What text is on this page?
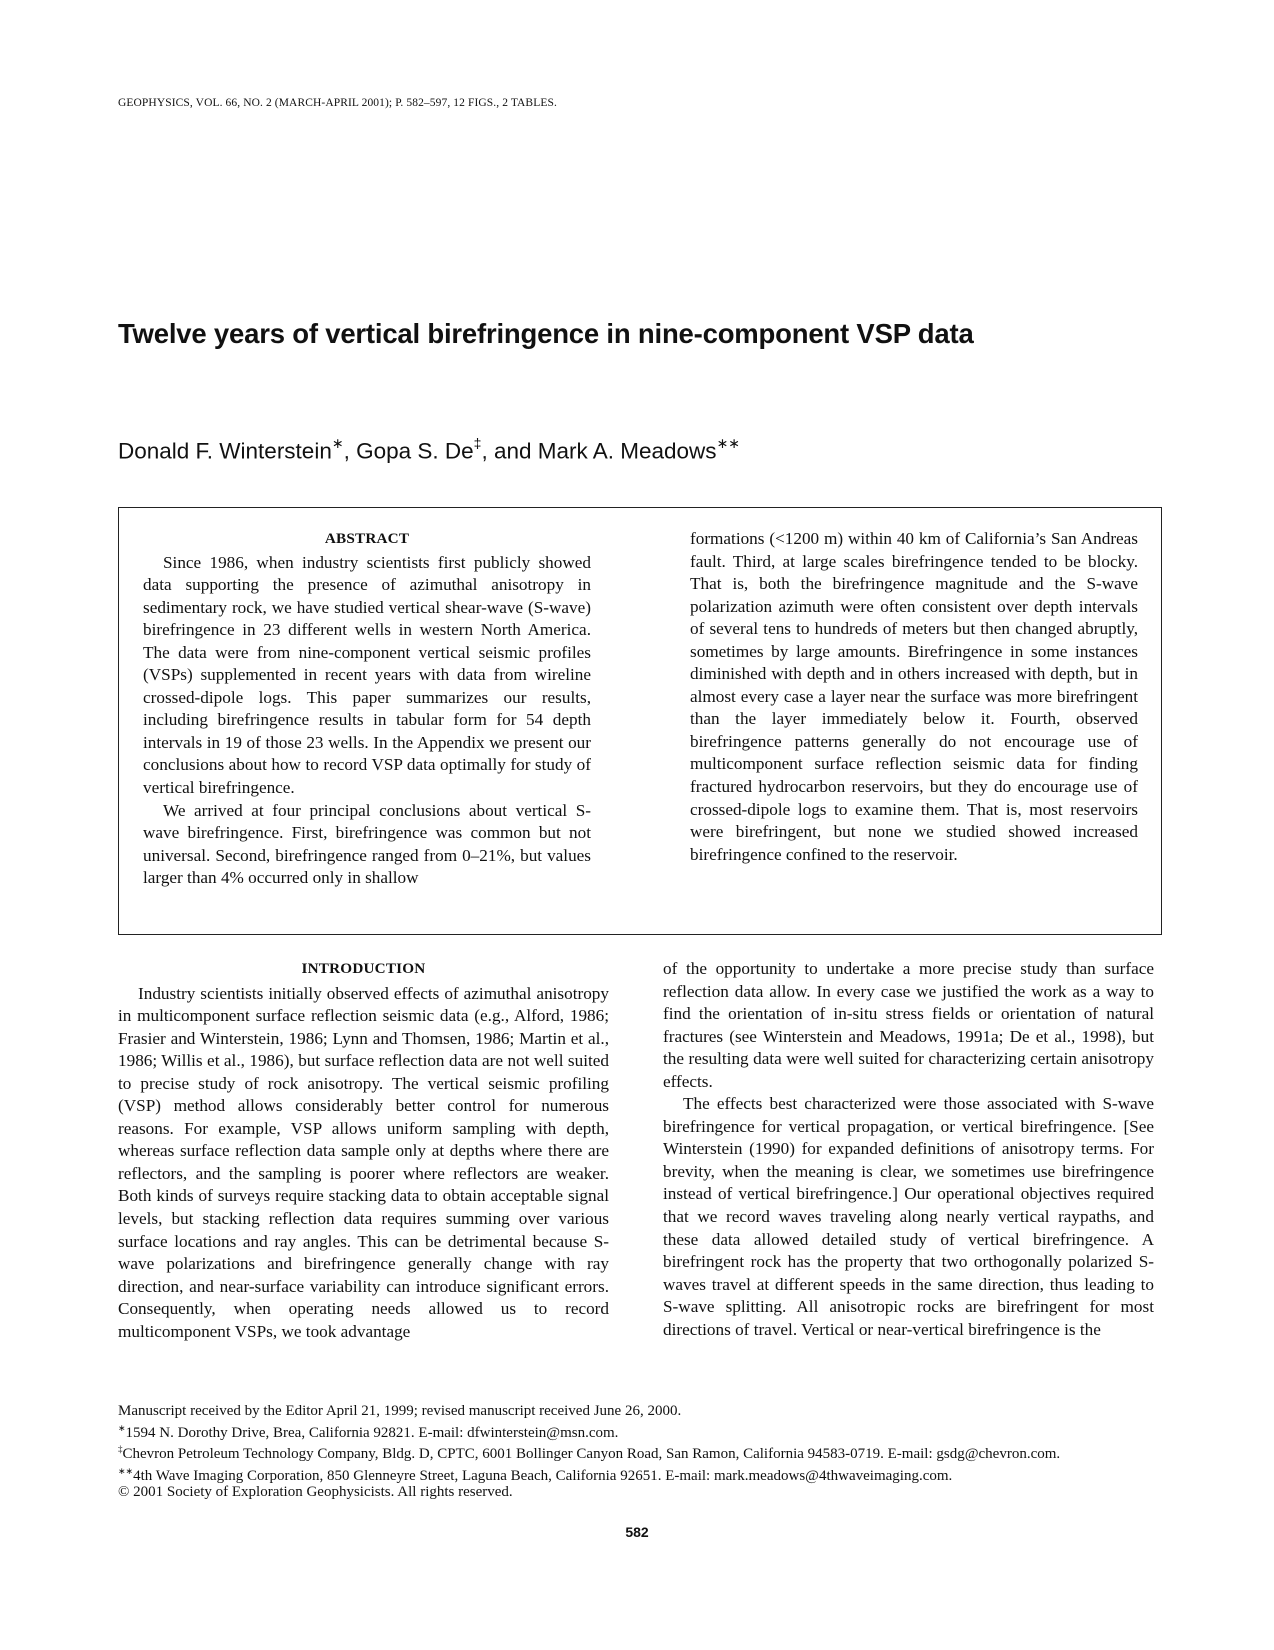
GEOPHYSICS, VOL. 66, NO. 2 (MARCH-APRIL 2001); P. 582–597, 12 FIGS., 2 TABLES.
Twelve years of vertical birefringence in nine-component VSP data
Donald F. Winterstein∗, Gopa S. De‡, and Mark A. Meadows∗∗
ABSTRACT

Since 1986, when industry scientists first publicly showed data supporting the presence of azimuthal anisotropy in sedimentary rock, we have studied vertical shear-wave (S-wave) birefringence in 23 different wells in western North America. The data were from nine-component vertical seismic profiles (VSPs) supplemented in recent years with data from wireline crossed-dipole logs. This paper summarizes our results, including birefringence results in tabular form for 54 depth intervals in 19 of those 23 wells. In the Appendix we present our conclusions about how to record VSP data optimally for study of vertical birefringence.

We arrived at four principal conclusions about vertical S-wave birefringence. First, birefringence was common but not universal. Second, birefringence ranged from 0–21%, but values larger than 4% occurred only in shallow

formations (<1200 m) within 40 km of California’s San Andreas fault. Third, at large scales birefringence tended to be blocky. That is, both the birefringence magnitude and the S-wave polarization azimuth were often consistent over depth intervals of several tens to hundreds of meters but then changed abruptly, sometimes by large amounts. Birefringence in some instances diminished with depth and in others increased with depth, but in almost every case a layer near the surface was more birefringent than the layer immediately below it. Fourth, observed birefringence patterns generally do not encourage use of multicomponent surface reflection seismic data for finding fractured hydrocarbon reservoirs, but they do encourage use of crossed-dipole logs to examine them. That is, most reservoirs were birefringent, but none we studied showed increased birefringence confined to the reservoir.

INTRODUCTION

Industry scientists initially observed effects of azimuthal anisotropy in multicomponent surface reflection seismic data (e.g., Alford, 1986; Frasier and Winterstein, 1986; Lynn and Thomsen, 1986; Martin et al., 1986; Willis et al., 1986), but surface reflection data are not well suited to precise study of rock anisotropy. The vertical seismic profiling (VSP) method allows considerably better control for numerous reasons. For example, VSP allows uniform sampling with depth, whereas surface reflection data sample only at depths where there are reflectors, and the sampling is poorer where reflectors are weaker. Both kinds of surveys require stacking data to obtain acceptable signal levels, but stacking reflection data requires summing over various surface locations and ray angles. This can be detrimental because S-wave polarizations and birefringence generally change with ray direction, and near-surface variability can introduce significant errors. Consequently, when operating needs allowed us to record multicomponent VSPs, we took advantage

of the opportunity to undertake a more precise study than surface reflection data allow. In every case we justified the work as a way to find the orientation of in-situ stress fields or orientation of natural fractures (see Winterstein and Meadows, 1991a; De et al., 1998), but the resulting data were well suited for characterizing certain anisotropy effects.

The effects best characterized were those associated with S-wave birefringence for vertical propagation, or vertical birefringence. [See Winterstein (1990) for expanded definitions of anisotropy terms. For brevity, when the meaning is clear, we sometimes use birefringence instead of vertical birefringence.] Our operational objectives required that we record waves traveling along nearly vertical raypaths, and these data allowed detailed study of vertical birefringence. A birefringent rock has the property that two orthogonally polarized S-waves travel at different speeds in the same direction, thus leading to S-wave splitting. All anisotropic rocks are birefringent for most directions of travel. Vertical or near-vertical birefringence is the

Manuscript received by the Editor April 21, 1999; revised manuscript received June 26, 2000.
∗1594 N. Dorothy Drive, Brea, California 92821. E-mail: dfwinterstein@msn.com.
‡Chevron Petroleum Technology Company, Bldg. D, CPTC, 6001 Bollinger Canyon Road, San Ramon, California 94583-0719. E-mail: gsdg@chevron.com.
∗∗4th Wave Imaging Corporation, 850 Glenneyre Street, Laguna Beach, California 92651. E-mail: mark.meadows@4thwaveimaging.com.
© 2001 Society of Exploration Geophysicists. All rights reserved.
582
